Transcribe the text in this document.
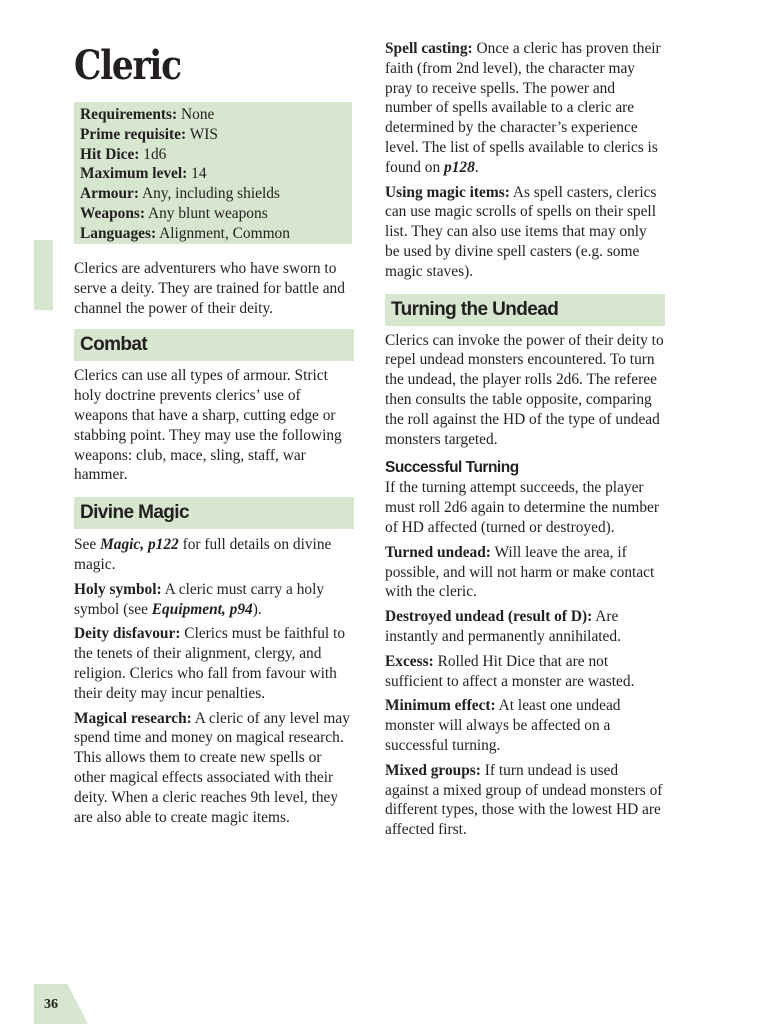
Cleric
Requirements: None
Prime requisite: WIS
Hit Dice: 1d6
Maximum level: 14
Armour: Any, including shields
Weapons: Any blunt weapons
Languages: Alignment, Common

Clerics are adventurers who have sworn to serve a deity. They are trained for battle and channel the power of their deity.

Combat

Clerics can use all types of armour. Strict holy doctrine prevents clerics’ use of weapons that have a sharp, cutting edge or stabbing point. They may use the following weapons: club, mace, sling, staff, war hammer.

Divine Magic

See Magic, p122 for full details on divine magic.

Holy symbol: A cleric must carry a holy symbol (see Equipment, p94).

Deity disfavour: Clerics must be faithful to the tenets of their alignment, clergy, and religion. Clerics who fall from favour with their deity may incur penalties.

Magical research: A cleric of any level may spend time and money on magical research. This allows them to create new spells or other magical effects associated with their deity. When a cleric reaches 9th level, they are also able to create magic items.

Spell casting: Once a cleric has proven their faith (from 2nd level), the character may pray to receive spells. The power and number of spells available to a cleric are determined by the character’s experience level. The list of spells available to clerics is found on p128.

Using magic items: As spell casters, clerics can use magic scrolls of spells on their spell list. They can also use items that may only be used by divine spell casters (e.g. some magic staves).

Turning the Undead

Clerics can invoke the power of their deity to repel undead monsters encountered. To turn the undead, the player rolls 2d6. The referee then consults the table opposite, comparing the roll against the HD of the type of undead monsters targeted.

Successful Turning

If the turning attempt succeeds, the player must roll 2d6 again to determine the number of HD affected (turned or destroyed).

Turned undead: Will leave the area, if possible, and will not harm or make contact with the cleric.

Destroyed undead (result of D): Are instantly and permanently annihilated.

Excess: Rolled Hit Dice that are not sufficient to affect a monster are wasted.

Minimum effect: At least one undead monster will always be affected on a successful turning.

Mixed groups: If turn undead is used against a mixed group of undead monsters of different types, those with the lowest HD are affected first.

36
